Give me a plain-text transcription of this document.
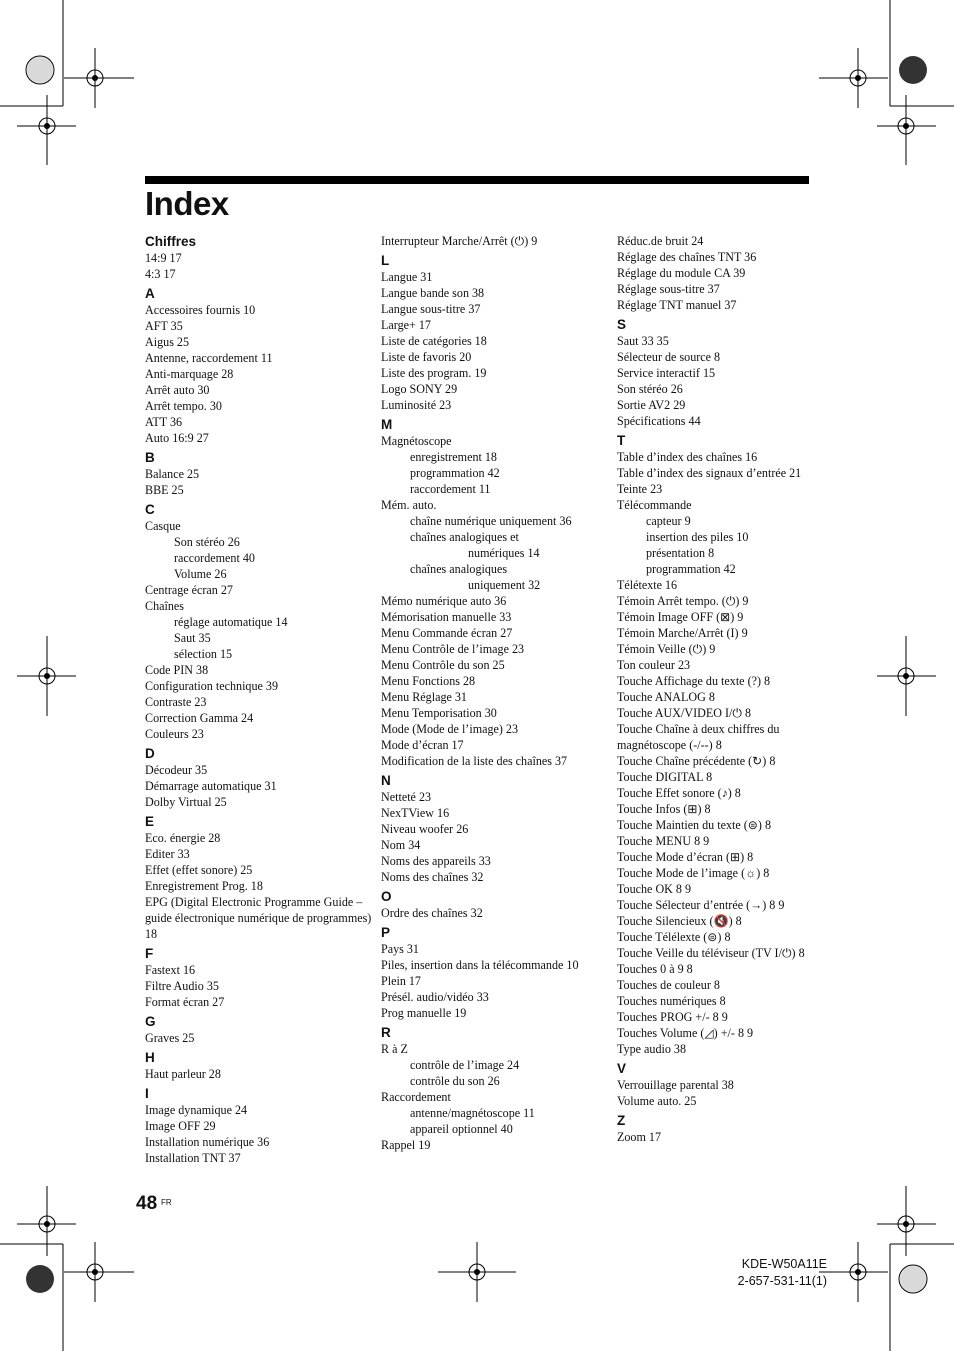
Index
Chiffres
14:9 17
4:3 17
A
Accessoires fournis 10
AFT 35
Aigus 25
Antenne, raccordement 11
Anti-marquage 28
Arrêt auto 30
Arrêt tempo. 30
ATT 36
Auto 16:9 27
B
Balance 25
BBE 25
C
Casque
Son stéréo 26
raccordement 40
Volume 26
Centrage écran 27
Chaînes
réglage automatique 14
Saut 35
sélection 15
Code PIN 38
Configuration technique 39
Contraste 23
Correction Gamma 24
Couleurs 23
D
Décodeur 35
Démarrage automatique 31
Dolby Virtual 25
E
Eco. énergie 28
Editer 33
Effet (effet sonore) 25
Enregistrement Prog. 18
EPG (Digital Electronic Programme Guide – guide électronique numérique de programmes) 18
F
Fastext 16
Filtre Audio 35
Format écran 27
G
Graves 25
H
Haut parleur 28
I
Image dynamique 24
Image OFF 29
Installation numérique 36
Installation TNT 37
Interrupteur Marche/Arrêt (⏻) 9
L
Langue 31
Langue bande son 38
Langue sous-titre 37
Large+ 17
Liste de catégories 18
Liste de favoris 20
Liste des program. 19
Logo SONY 29
Luminosité 23
M
Magnétoscope
enregistrement 18
programmation 42
raccordement 11
Mém. auto.
chaîne numérique uniquement 36
chaînes analogiques et
numériques 14
chaînes analogiques
uniquement 32
Mémo numérique auto 36
Mémorisation manuelle 33
Menu Commande écran 27
Menu Contrôle de l’image 23
Menu Contrôle du son 25
Menu Fonctions 28
Menu Réglage 31
Menu Temporisation 30
Mode (Mode de l’image) 23
Mode d’écran 17
Modification de la liste des chaînes 37
N
Netteté 23
NexTView 16
Niveau woofer 26
Nom 34
Noms des appareils 33
Noms des chaînes 32
O
Ordre des chaînes 32
P
Pays 31
Piles, insertion dans la télécommande 10
Plein 17
Présél. audio/vidéo 33
Prog manuelle 19
R
R à Z
contrôle de l’image 24
contrôle du son 26
Raccordement
antenne/magnétoscope 11
appareil optionnel 40
Rappel 19
Réduc.de bruit 24
Réglage des chaînes TNT 36
Réglage du module CA 39
Réglage sous-titre 37
Réglage TNT manuel 37
S
Saut 33 35
Sélecteur de source 8
Service interactif 15
Son stéréo 26
Sortie AV2 29
Spécifications 44
T
Table d’index des chaînes 16
Table d’index des signaux d’entrée 21
Teinte 23
Télécommande
capteur 9
insertion des piles 10
présentation 8
programmation 42
Télétexte 16
Témoin Arrêt tempo. (⏻) 9
Témoin Image OFF (⊠) 9
Témoin Marche/Arrêt (I) 9
Témoin Veille (⏻) 9
Ton couleur 23
Touche Affichage du texte (?) 8
Touche ANALOG 8
Touche AUX/VIDEO I/⏻ 8
Touche Chaîne à deux chiffres du magnétoscope (-/--) 8
Touche Chaîne précédente (↻) 8
Touche DIGITAL 8
Touche Effet sonore (♪) 8
Touche Infos (⊞) 8
Touche Maintien du texte (⊜) 8
Touche MENU 8 9
Touche Mode d’écran (⊞) 8
Touche Mode de l’image (☼) 8
Touche OK 8 9
Touche Sélecteur d’entrée (→) 8 9
Touche Silencieux (🔇) 8
Touche Télélexte (⊜) 8
Touche Veille du téléviseur (TV I/⏻) 8
Touches 0 à 9 8
Touches de couleur 8
Touches numériques 8
Touches PROG +/- 8 9
Touches Volume (◿) +/- 8 9
Type audio 38
V
Verrouillage parental 38
Volume auto. 25
Z
Zoom 17
48 FR
KDE-W50A11E
2-657-531-11(1)
